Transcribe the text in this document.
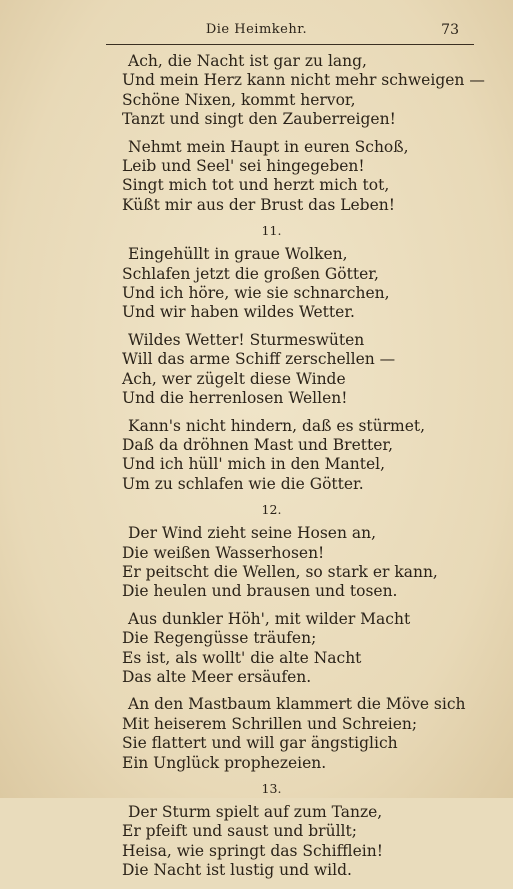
Die Heimkehr.	73

Ach, die Nacht ist gar zu lang,

Und mein Herz kann nicht mehr schweigen —

Schöne Nixen, kommt hervor,

Tanzt und singt den Zauberreigen!

Nehmt mein Haupt in euren Schoß,

Leib und Seel' sei hingegeben!

Singt mich tot und herzt mich tot,

Küßt mir aus der Brust das Leben!

11.

Eingehüllt in graue Wolken,

Schlafen jetzt die großen Götter,

Und ich höre, wie sie schnarchen,

Und wir haben wildes Wetter.

Wildes Wetter! Sturmeswüten

Will das arme Schiff zerschellen —

Ach, wer zügelt diese Winde

Und die herrenlosen Wellen!

Kann's nicht hindern, daß es stürmet,

Daß da dröhnen Mast und Bretter,

Und ich hüll' mich in den Mantel,

Um zu schlafen wie die Götter.

12.

Der Wind zieht seine Hosen an,

Die weißen Wasserhosen!

Er peitscht die Wellen, so stark er kann,

Die heulen und brausen und tosen.

Aus dunkler Höh', mit wilder Macht

Die Regengüsse träufen;

Es ist, als wollt' die alte Nacht

Das alte Meer ersäufen.

An den Mastbaum klammert die Möve sich

Mit heiserem Schrillen und Schreien;

Sie flattert und will gar ängstiglich

Ein Unglück prophezeien.

13.

Der Sturm spielt auf zum Tanze,

Er pfeift und saust und brüllt;

Heisa, wie springt das Schifflein!

Die Nacht ist lustig und wild.
